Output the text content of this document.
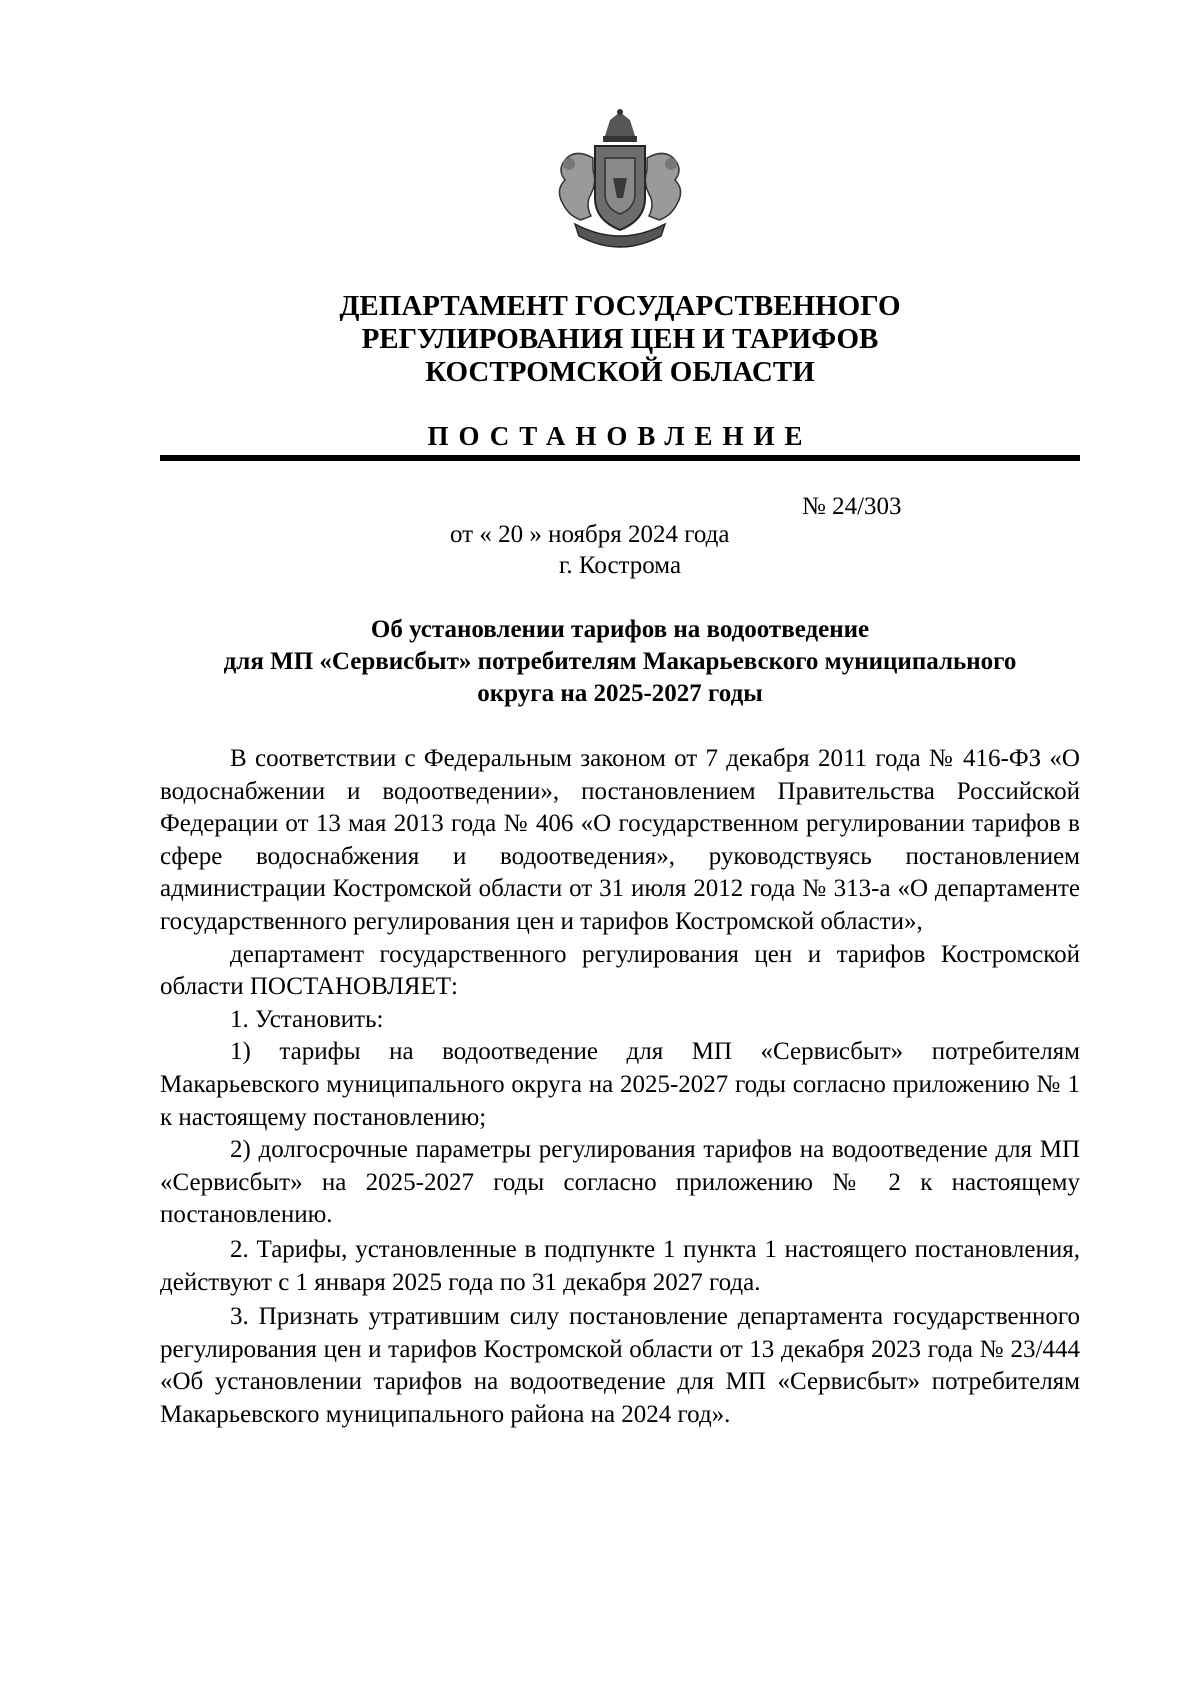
ДЕПАРТАМЕНТ ГОСУДАРСТВЕННОГО
РЕГУЛИРОВАНИЯ ЦЕН И ТАРИФОВ
КОСТРОМСКОЙ ОБЛАСТИ
ПОСТАНОВЛЕНИЕ

от « 20 » ноября 2024 года

№ 24/303

г. Кострома
Об установлении тарифов на водоотведение
для МП «Сервисбыт» потребителям Макарьевского муниципального
округа на 2025-2027 годы

В соответствии с Федеральным законом от 7 декабря 2011 года № 416-ФЗ «О водоснабжении и водоотведении», постановлением Правительства Российской Федерации от 13 мая 2013 года № 406 «О государственном регулировании тарифов в сфере водоснабжения и водоотведения», руководствуясь постановлением администрации Костромской области от 31 июля 2012 года № 313-а «О департаменте государственного регулирования цен и тарифов Костромской области»,

департамент государственного регулирования цен и тарифов Костромской области ПОСТАНОВЛЯЕТ:

1. Установить:

1) тарифы на водоотведение для МП «Сервисбыт» потребителям Макарьевского муниципального округа на 2025-2027 годы согласно приложению № 1 к настоящему постановлению;

2) долгосрочные параметры регулирования тарифов на водоотведение для МП «Сервисбыт» на 2025-2027 годы согласно приложению № 2 к настоящему постановлению.

2. Тарифы, установленные в подпункте 1 пункта 1 настоящего постановления, действуют с 1 января 2025 года по 31 декабря 2027 года.

3. Признать утратившим силу постановление департамента государственного регулирования цен и тарифов Костромской области от 13 декабря 2023 года № 23/444 «Об установлении тарифов на водоотведение для МП «Сервисбыт» потребителям Макарьевского муниципального района на 2024 год».
